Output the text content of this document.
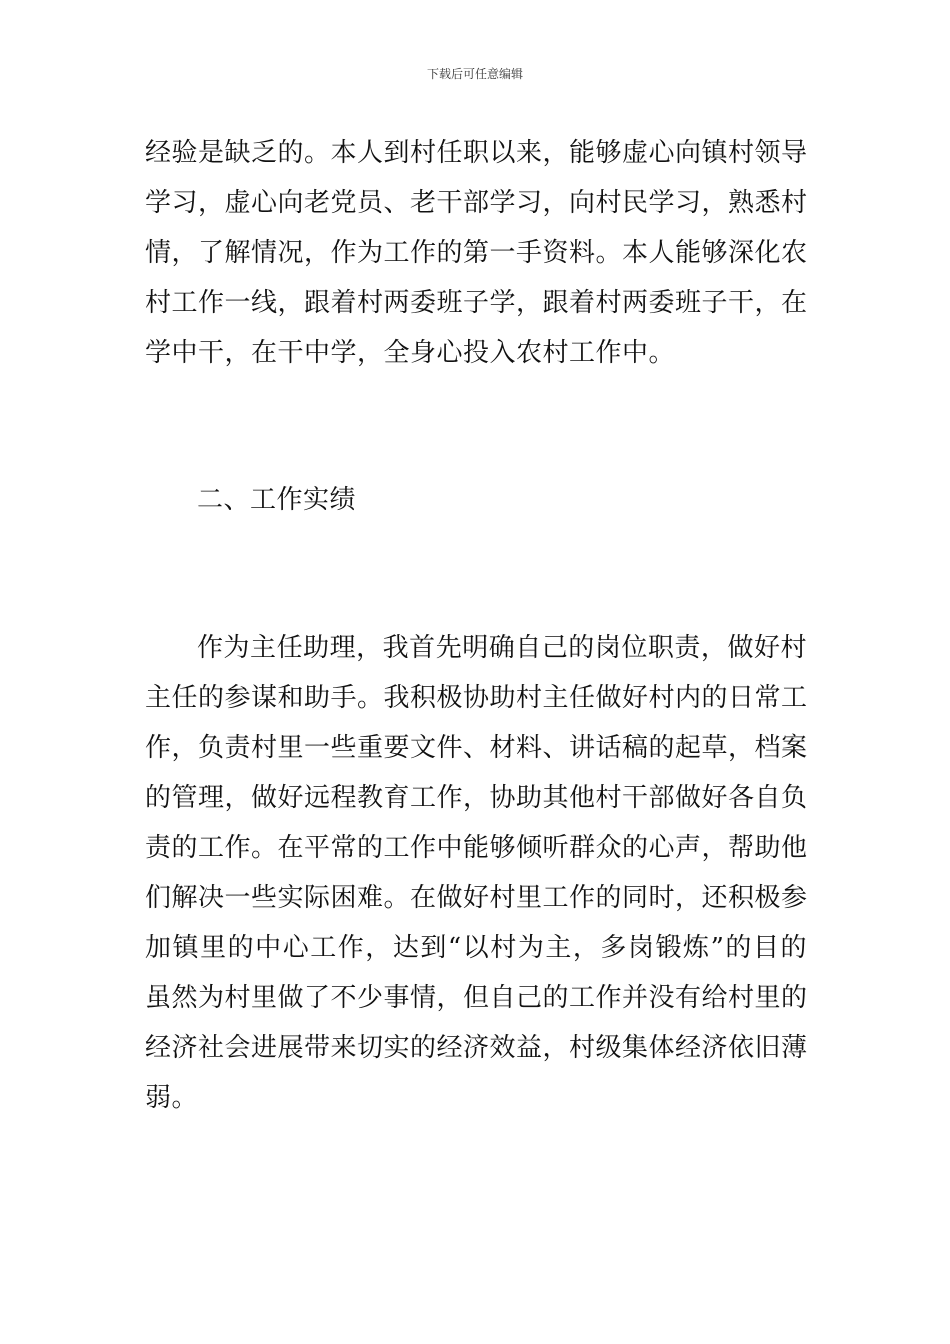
下载后可任意编辑
经验是缺乏的。本人到村任职以来，能够虚心向镇村领导
学习，虚心向老党员、老干部学习，向村民学习，熟悉村
情，了解情况，作为工作的第一手资料。本人能够深化农
村工作一线，跟着村两委班子学，跟着村两委班子干，在
学中干，在干中学，全身心投入农村工作中。
二、工作实绩
作为主任助理，我首先明确自己的岗位职责，做好村
主任的参谋和助手。我积极协助村主任做好村内的日常工
作，负责村里一些重要文件、材料、讲话稿的起草，档案
的管理，做好远程教育工作，协助其他村干部做好各自负
责的工作。在平常的工作中能够倾听群众的心声，帮助他
们解决一些实际困难。在做好村里工作的同时，还积极参
加镇里的中心工作，达到“以村为主，多岗锻炼”的目的
虽然为村里做了不少事情，但自己的工作并没有给村里的
经济社会进展带来切实的经济效益，村级集体经济依旧薄
弱。
